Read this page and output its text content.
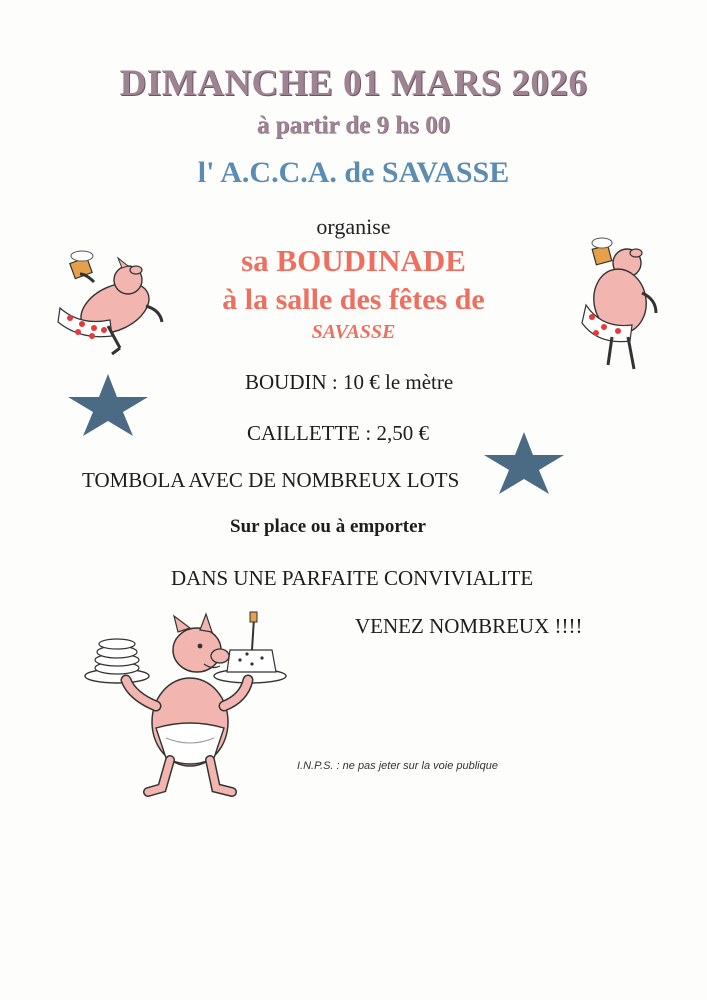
DIMANCHE 01 MARS 2026
à partir de 9 hs 00
l' A.C.C.A. de SAVASSE
organise
sa BOUDINADE
à la salle des fêtes de
SAVASSE
BOUDIN : 10 € le mètre
CAILLETTE : 2,50 €
TOMBOLA AVEC DE NOMBREUX LOTS
Sur place ou à emporter
DANS UNE PARFAITE CONVIVIALITE
VENEZ NOMBREUX !!!!
I.N.P.S. : ne pas jeter sur la voie publique
